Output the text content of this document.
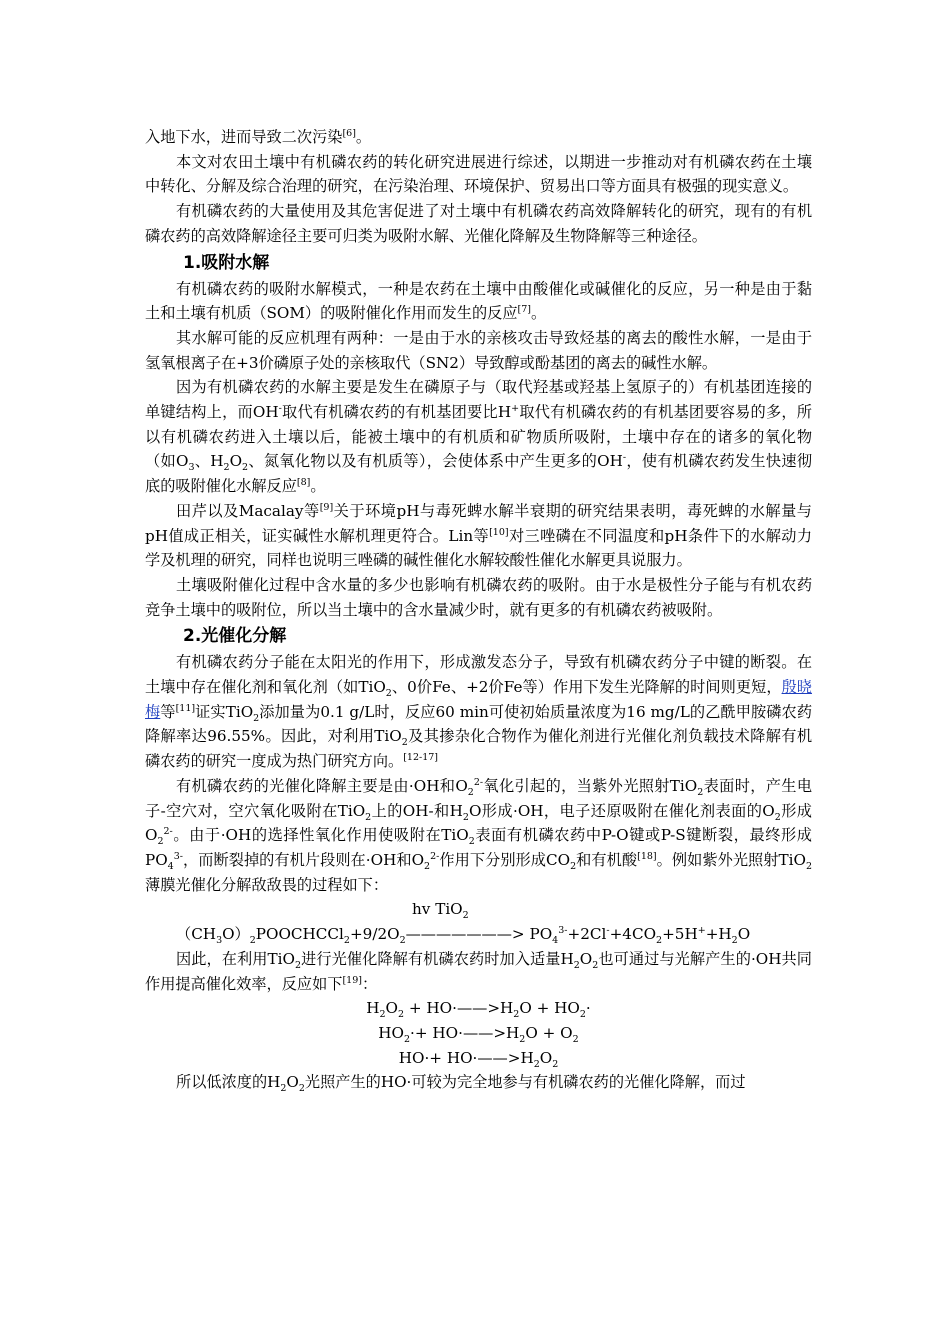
入地下水，进而导致二次污染[6]。

本文对农田土壤中有机磷农药的转化研究进展进行综述，以期进一步推动对有机磷农药在土壤中转化、分解及综合治理的研究，在污染治理、环境保护、贸易出口等方面具有极强的现实意义。

有机磷农药的大量使用及其危害促进了对土壤中有机磷农药高效降解转化的研究，现有的有机磷农药的高效降解途径主要可归类为吸附水解、光催化降解及生物降解等三种途径。

1.吸附水解

有机磷农药的吸附水解模式，一种是农药在土壤中由酸催化或碱催化的反应，另一种是由于黏土和土壤有机质（SOM）的吸附催化作用而发生的反应[7]。

其水解可能的反应机理有两种：一是由于水的亲核攻击导致烃基的离去的酸性水解，一是由于氢氧根离子在+3价磷原子处的亲核取代（SN2）导致醇或酚基团的离去的碱性水解。

因为有机磷农药的水解主要是发生在磷原子与（取代羟基或羟基上氢原子的）有机基团连接的单键结构上，而OH-取代有机磷农药的有机基团要比H+取代有机磷农药的有机基团要容易的多，所以有机磷农药进入土壤以后，能被土壤中的有机质和矿物质所吸附，土壤中存在的诸多的氧化物（如$O_3$、$H_2O_2$、氮氧化物以及有机质等），会使体系中产生更多的OH-，使有机磷农药发生快速彻底的吸附催化水解反应[8]。

田芹以及Macalay等[9]关于环境pH与毒死蜱水解半衰期的研究结果表明，毒死蜱的水解量与pH值成正相关，证实碱性水解机理更符合。Lin等[10]对三唑磷在不同温度和pH条件下的水解动力学及机理的研究，同样也说明三唑磷的碱性催化水解较酸性催化水解更具说服力。

土壤吸附催化过程中含水量的多少也影响有机磷农药的吸附。由于水是极性分子能与有机农药竞争土壤中的吸附位，所以当土壤中的含水量减少时，就有更多的有机磷农药被吸附。

2.光催化分解

有机磷农药分子能在太阳光的作用下，形成激发态分子，导致有机磷农药分子中键的断裂。在土壤中存在催化剂和氧化剂（如TiO$_2$、0价Fe、+2价Fe等）作用下发生光降解的时间则更短，殷晓梅等[11]证实TiO$_2$添加量为0.1 g/L时，反应60 min可使初始质量浓度为16 mg/L的乙酰甲胺磷农药降解率达96.55%。因此，对利用TiO$_2$及其掺杂化合物作为催化剂进行光催化剂负载技术降解有机磷农药的研究一度成为热门研究方向。[12-17]

有机磷农药的光催化降解主要是由·OH和$O_2^{2-}$氧化引起的，当紫外光照射TiO$_2$表面时，产生电子-空穴对，空穴氧化吸附在TiO$_2$上的OH-和$H_2O$形成·OH，电子还原吸附在催化剂表面的$O_2$形成$O_2^{2-}$。由于·OH的选择性氧化作用使吸附在TiO$_2$表面有机磷农药中P-O键或P-S键断裂，最终形成$PO_4^{3-}$，而断裂掉的有机片段则在·OH和$O_2^{2-}$作用下分别形成$CO_2$和有机酸[18]。例如紫外光照射TiO$_2$薄膜光催化分解敌敌畏的过程如下：

hv TiO$_2$

$(CH_3O)_2POOCHCCl_2+9/2O_2———————> PO_4^{3-}+2Cl^-+4CO_2+5H^++H_2O$

因此，在利用TiO$_2$进行光催化降解有机磷农药时加入适量$H_2O_2$也可通过与光解产生的·OH共同作用提高催化效率，反应如下[19]：

$H_2O_2$ + $HO\cdot——>H_2O + HO_2\cdot$

$HO_2\cdot+$ $HO\cdot——>H_2O + O_2$

$HO\cdot+ HO\cdot——>H_2O_2$

所以低浓度的$H_2O_2$光照产生的HO·可较为完全地参与有机磷农药的光催化降解，而过
